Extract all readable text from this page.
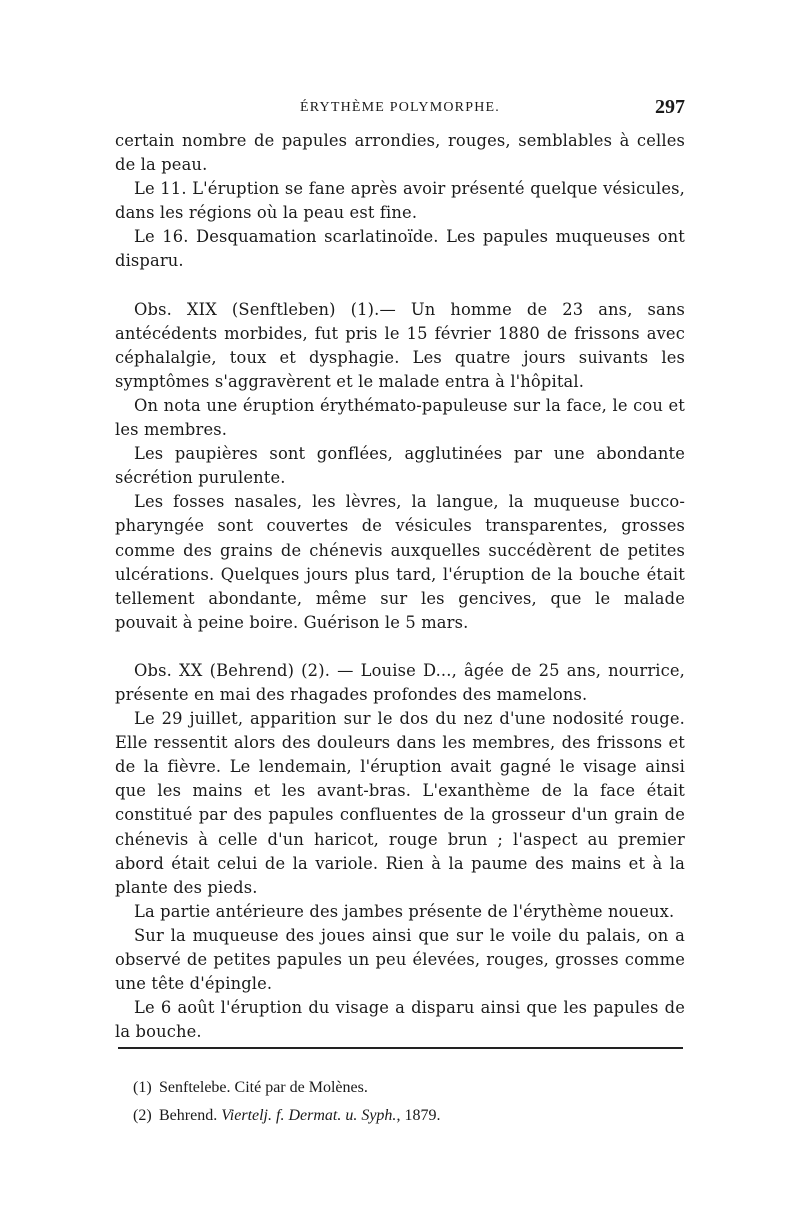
ÉRYTHÈME POLYMORPHE.	297

certain nombre de papules arrondies, rouges, semblables à celles de la peau.

Le 11. L'éruption se fane après avoir présenté quelque vésicules, dans les régions où la peau est fine.

Le 16. Desquamation scarlatinoïde. Les papules muqueuses ont disparu.

Obs. XIX (Senftleben) (1).— Un homme de 23 ans, sans antécédents morbides, fut pris le 15 février 1880 de frissons avec céphalalgie, toux et dysphagie. Les quatre jours suivants les symptômes s'aggravèrent et le malade entra à l'hôpital.

On nota une éruption érythémato-papuleuse sur la face, le cou et les membres.

Les paupières sont gonflées, agglutinées par une abondante sécrétion purulente.

Les fosses nasales, les lèvres, la langue, la muqueuse bucco-pharyngée sont couvertes de vésicules transparentes, grosses comme des grains de chénevis auxquelles succédèrent de petites ulcérations. Quelques jours plus tard, l'éruption de la bouche était tellement abondante, même sur les gencives, que le malade pouvait à peine boire. Guérison le 5 mars.

Obs. XX (Behrend) (2). — Louise D..., âgée de 25 ans, nourrice, présente en mai des rhagades profondes des mamelons.

Le 29 juillet, apparition sur le dos du nez d'une nodosité rouge. Elle ressentit alors des douleurs dans les membres, des frissons et de la fièvre. Le lendemain, l'éruption avait gagné le visage ainsi que les mains et les avant-bras. L'exanthème de la face était constitué par des papules confluentes de la grosseur d'un grain de chénevis à celle d'un haricot, rouge brun ; l'aspect au premier abord était celui de la variole. Rien à la paume des mains et à la plante des pieds.

La partie antérieure des jambes présente de l'érythème noueux.

Sur la muqueuse des joues ainsi que sur le voile du palais, on a observé de petites papules un peu élevées, rouges, grosses comme une tête d'épingle.

Le 6 août l'éruption du visage a disparu ainsi que les papules de la bouche.

(1) Senftelebe. Cité par de Molènes.

(2) Behrend. Viertelj. f. Dermat. u. Syph., 1879.
